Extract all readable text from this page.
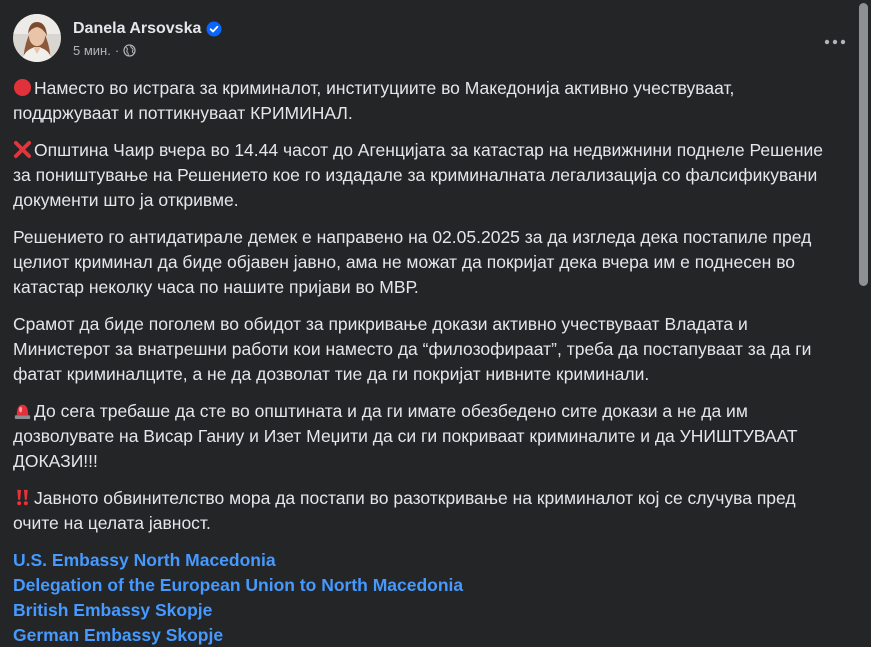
Danela Arsovska
5 мин. ·

Наместо во истрага за криминалот, институциите во Македонија активно учествуваат, поддржуваат и поттикнуваат КРИМИНАЛ.

Општина Чаир вчера во 14.44 часот до Агенцијата за катастар на недвижнини поднеле Решение за поништување на Решението кое го издадале за криминалната легализација со фалсификувани документи што ја откривме.

Решението го антидатирале демек е направено на 02.05.2025 за да изгледа дека постапиле пред целиот криминал да биде објавен јавно, ама не можат да покријат дека вчера им е поднесен во катастар неколку часа по нашите пријави во МВР.

Срамот да биде поголем во обидот за прикривање докази активно учествуваат Владата и Министерот за внатрешни работи кои наместо да “филозофираат”, треба да постапуваат за да ги фатат криминалците, а не да дозволат тие да ги покријат нивните криминали.

До сега требаше да сте во општината и да ги имате обезбедено сите докази а не да им дозволувате на Висар Ганиу и Изет Меџити да си ги покриваат криминалите и да УНИШТУВААТ ДОКАЗИ!!!

Јавното обвинителство мора да постапи во разоткривање на криминалот кој се случува пред очите на целата јавност.

U.S. Embassy North Macedonia
Delegation of the European Union to North Macedonia
British Embassy Skopje
German Embassy Skopje
